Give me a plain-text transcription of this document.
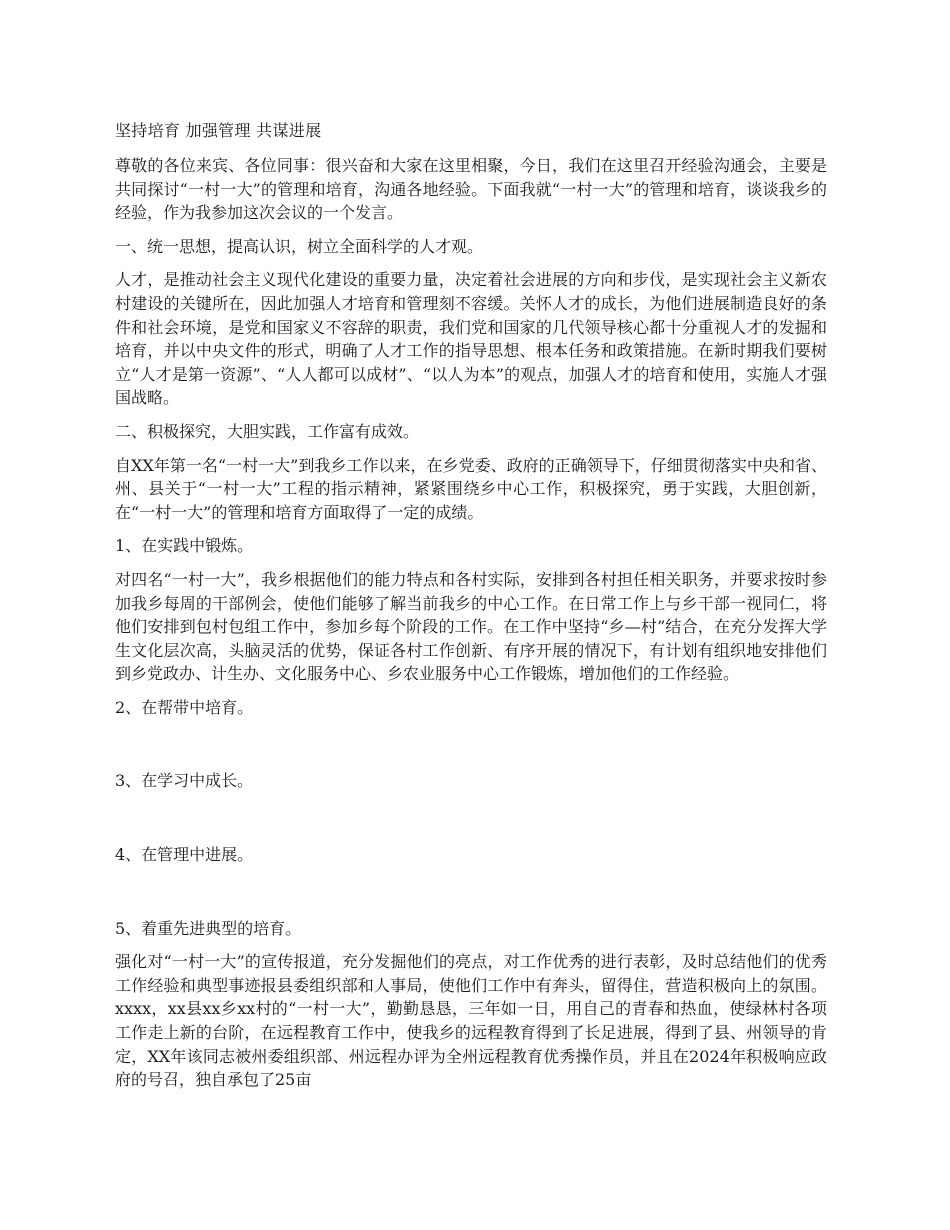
坚持培育 加强管理 共谋进展

尊敬的各位来宾、各位同事：很兴奋和大家在这里相聚，今日，我们在这里召开经验沟通会，主要是共同探讨“一村一大”的管理和培育，沟通各地经验。下面我就“一村一大”的管理和培育，谈谈我乡的经验，作为我参加这次会议的一个发言。

一、统一思想，提高认识，树立全面科学的人才观。

人才，是推动社会主义现代化建设的重要力量，决定着社会进展的方向和步伐，是实现社会主义新农村建设的关键所在，因此加强人才培育和管理刻不容缓。关怀人才的成长，为他们进展制造良好的条件和社会环境，是党和国家义不容辞的职责，我们党和国家的几代领导核心都十分重视人才的发掘和培育，并以中央文件的形式，明确了人才工作的指导思想、根本任务和政策措施。在新时期我们要树立“人才是第一资源”、“人人都可以成材”、“以人为本”的观点，加强人才的培育和使用，实施人才强国战略。

二、积极探究，大胆实践，工作富有成效。

自XX年第一名“一村一大”到我乡工作以来，在乡党委、政府的正确领导下，仔细贯彻落实中央和省、州、县关于“一村一大”工程的指示精神，紧紧围绕乡中心工作，积极探究，勇于实践，大胆创新，在“一村一大”的管理和培育方面取得了一定的成绩。

1、在实践中锻炼。

对四名“一村一大”，我乡根据他们的能力特点和各村实际，安排到各村担任相关职务，并要求按时参加我乡每周的干部例会，使他们能够了解当前我乡的中心工作。在日常工作上与乡干部一视同仁，将他们安排到包村包组工作中，参加乡每个阶段的工作。在工作中坚持“乡—村”结合，在充分发挥大学生文化层次高，头脑灵活的优势，保证各村工作创新、有序开展的情况下，有计划有组织地安排他们到乡党政办、计生办、文化服务中心、乡农业服务中心工作锻炼，增加他们的工作经验。

2、在帮带中培育。

3、在学习中成长。

4、在管理中进展。

5、着重先进典型的培育。

强化对“一村一大”的宣传报道，充分发掘他们的亮点，对工作优秀的进行表彰，及时总结他们的优秀工作经验和典型事迹报县委组织部和人事局，使他们工作中有奔头，留得住，营造积极向上的氛围。xxxx，xx县xx乡xx村的“一村一大”，勤勤恳恳，三年如一日，用自己的青春和热血，使绿林村各项工作走上新的台阶，在远程教育工作中，使我乡的远程教育得到了长足进展，得到了县、州领导的肯定，XX年该同志被州委组织部、州远程办评为全州远程教育优秀操作员，并且在2024年积极响应政府的号召，独自承包了25亩
